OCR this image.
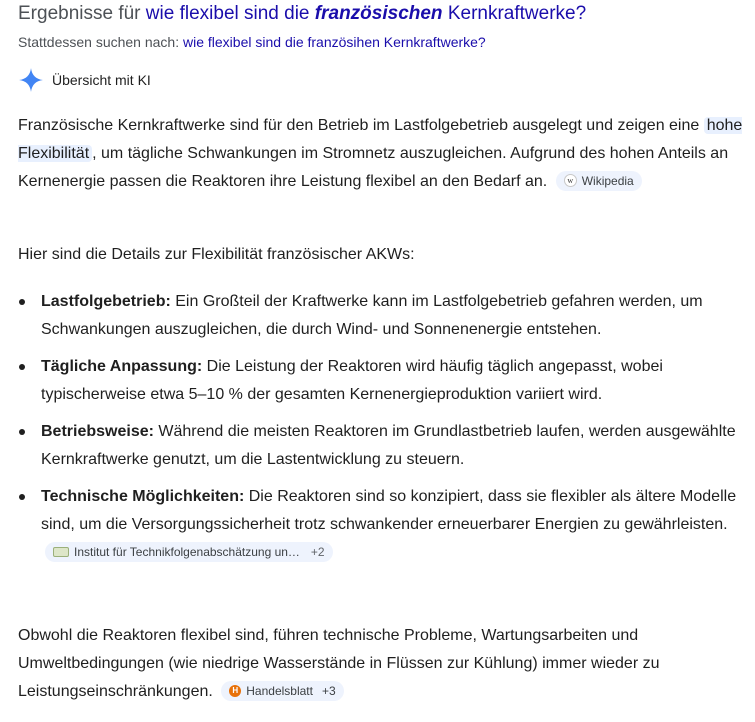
Ergebnisse für wie flexibel sind die französischen Kernkraftwerke?
Stattdessen suchen nach: wie flexibel sind die französihen Kernkraftwerke?
Übersicht mit KI
Französische Kernkraftwerke sind für den Betrieb im Lastfolgebetrieb ausgelegt und zeigen eine hohe Flexibilität , um tägliche Schwankungen im Stromnetz auszugleichen. Aufgrund des hohen Anteils an Kernenergie passen die Reaktoren ihre Leistung flexibel an den Bedarf an.	w Wikipedia
Hier sind die Details zur Flexibilität französischer AKWs:
Lastfolgebetrieb: Ein Großteil der Kraftwerke kann im Lastfolgebetrieb gefahren werden, um Schwankungen auszugleichen, die durch Wind- und Sonnenenergie entstehen.
Tägliche Anpassung: Die Leistung der Reaktoren wird häufig täglich angepasst, wobei typischerweise etwa 5–10 % der gesamten Kernenergieproduktion variiert wird.
Betriebsweise: Während die meisten Reaktoren im Grundlastbetrieb laufen, werden ausgewählte Kernkraftwerke genutzt, um die Lastentwicklung zu steuern.
Technische Möglichkeiten: Die Reaktoren sind so konzipiert, dass sie flexibler als ältere Modelle sind, um die Versorgungssicherheit trotz schwankender erneuerbarer Energien zu gewährleisten.
Institut für Technikfolgenabschätzung un… +2
Obwohl die Reaktoren flexibel sind, führen technische Probleme, Wartungsarbeiten und Umweltbedingungen (wie niedrige Wasserstände in Flüssen zur Kühlung) immer wieder zu Leistungseinschränkungen.	H Handelsblatt +3
